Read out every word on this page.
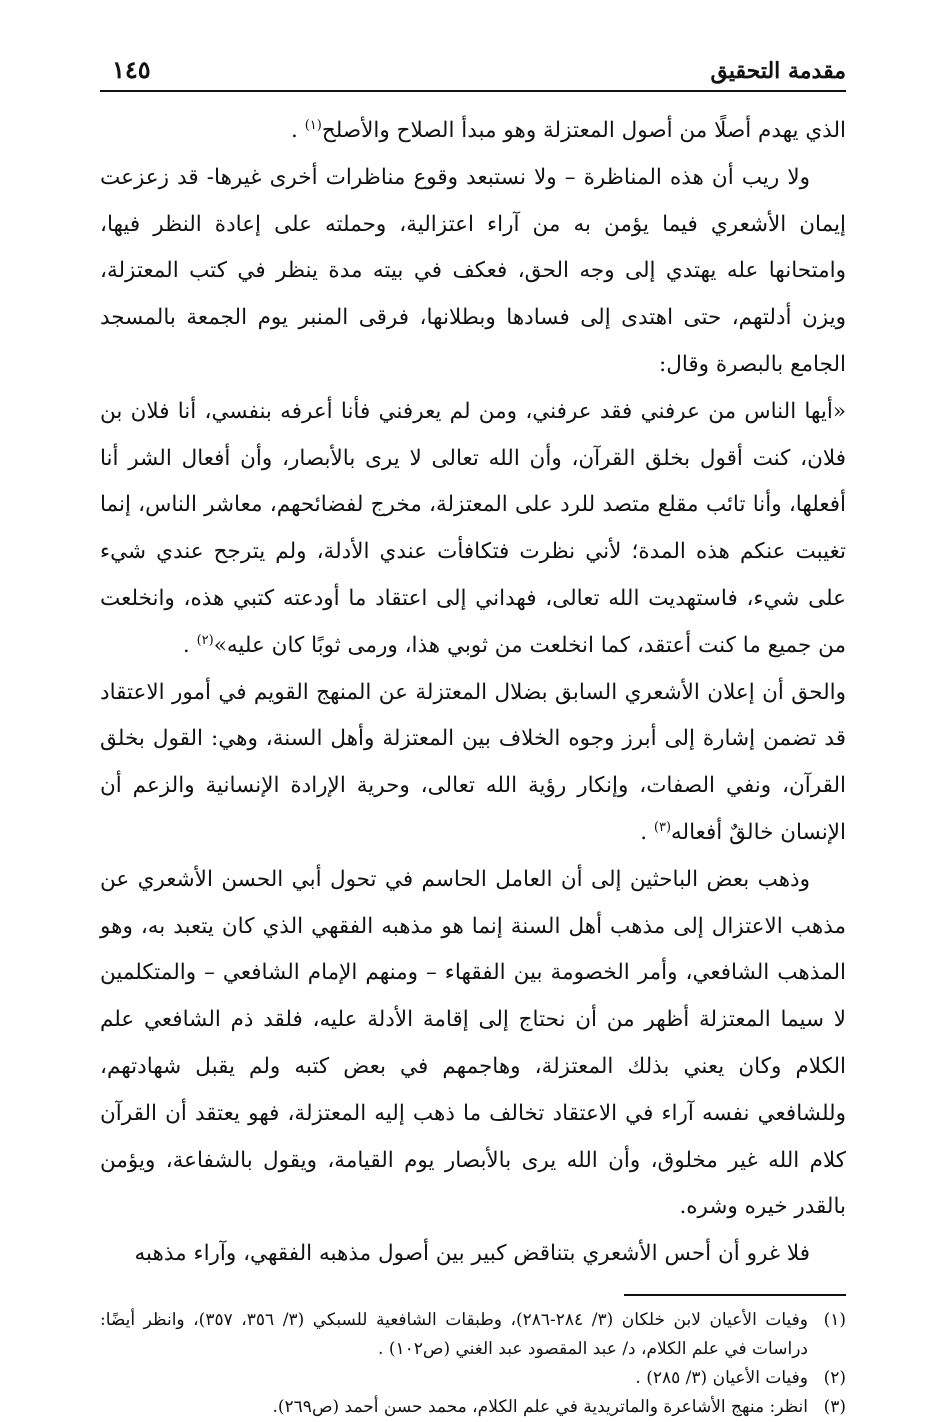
مقدمة التحقيق
١٤٥

الذي يهدم أصلًا من أصول المعتزلة وهو مبدأ الصلاح والأصلح$^{(١)}$ .

ولا ريب أن هذه المناظرة – ولا نستبعد وقوع مناظرات أخرى غيرها- قد زعزعت إيمان الأشعري فيما يؤمن به من آراء اعتزالية، وحملته على إعادة النظر فيها، وامتحانها عله يهتدي إلى وجه الحق، فعكف في بيته مدة ينظر في كتب المعتزلة، ويزن أدلتهم، حتى اهتدى إلى فسادها وبطلانها، فرقى المنبر يوم الجمعة بالمسجد الجامع بالبصرة وقال:

«أيها الناس من عرفني فقد عرفني، ومن لم يعرفني فأنا أعرفه بنفسي، أنا فلان بن فلان، كنت أقول بخلق القرآن، وأن الله تعالى لا يرى بالأبصار، وأن أفعال الشر أنا أفعلها، وأنا تائب مقلع متصد للرد على المعتزلة، مخرج لفضائحهم، معاشر الناس، إنما تغيبت عنكم هذه المدة؛ لأني نظرت فتكافأت عندي الأدلة، ولم يترجح عندي شيء على شيء، فاستهديت الله تعالى، فهداني إلى اعتقاد ما أودعته كتبي هذه، وانخلعت من جميع ما كنت أعتقد، كما انخلعت من ثوبي هذا، ورمى ثوبًا كان عليه»$^{(٢)}$ .

والحق أن إعلان الأشعري السابق بضلال المعتزلة عن المنهج القويم في أمور الاعتقاد قد تضمن إشارة إلى أبرز وجوه الخلاف بين المعتزلة وأهل السنة، وهي: القول بخلق القرآن، ونفي الصفات، وإنكار رؤية الله تعالى، وحرية الإرادة الإنسانية والزعم أن الإنسان خالقٌ أفعاله$^{(٣)}$ .

وذهب بعض الباحثين إلى أن العامل الحاسم في تحول أبي الحسن الأشعري عن مذهب الاعتزال إلى مذهب أهل السنة إنما هو مذهبه الفقهي الذي كان يتعبد به، وهو المذهب الشافعي، وأمر الخصومة بين الفقهاء – ومنهم الإمام الشافعي – والمتكلمين لا سيما المعتزلة أظهر من أن نحتاج إلى إقامة الأدلة عليه، فلقد ذم الشافعي علم الكلام وكان يعني بذلك المعتزلة، وهاجمهم في بعض كتبه ولم يقبل شهادتهم، وللشافعي نفسه آراء في الاعتقاد تخالف ما ذهب إليه المعتزلة، فهو يعتقد أن القرآن كلام الله غير مخلوق، وأن الله يرى بالأبصار يوم القيامة، ويقول بالشفاعة، ويؤمن بالقدر خيره وشره.

فلا غرو أن أحس الأشعري بتناقض كبير بين أصول مذهبه الفقهي، وآراء مذهبه

(١)
وفيات الأعيان لابن خلكان (٣/ ٢٨٤-٢٨٦)، وطبقات الشافعية للسبكي (٣/ ٣٥٦، ٣٥٧)، وانظر أيضًا: دراسات في علم الكلام، د/ عبد المقصود عبد الغني (ص١٠٢) .
(٢)
وفيات الأعيان (٣/ ٢٨٥) .
(٣)
انظر: منهج الأشاعرة والماتريدية في علم الكلام، محمد حسن أحمد (ص٢٦٩).
